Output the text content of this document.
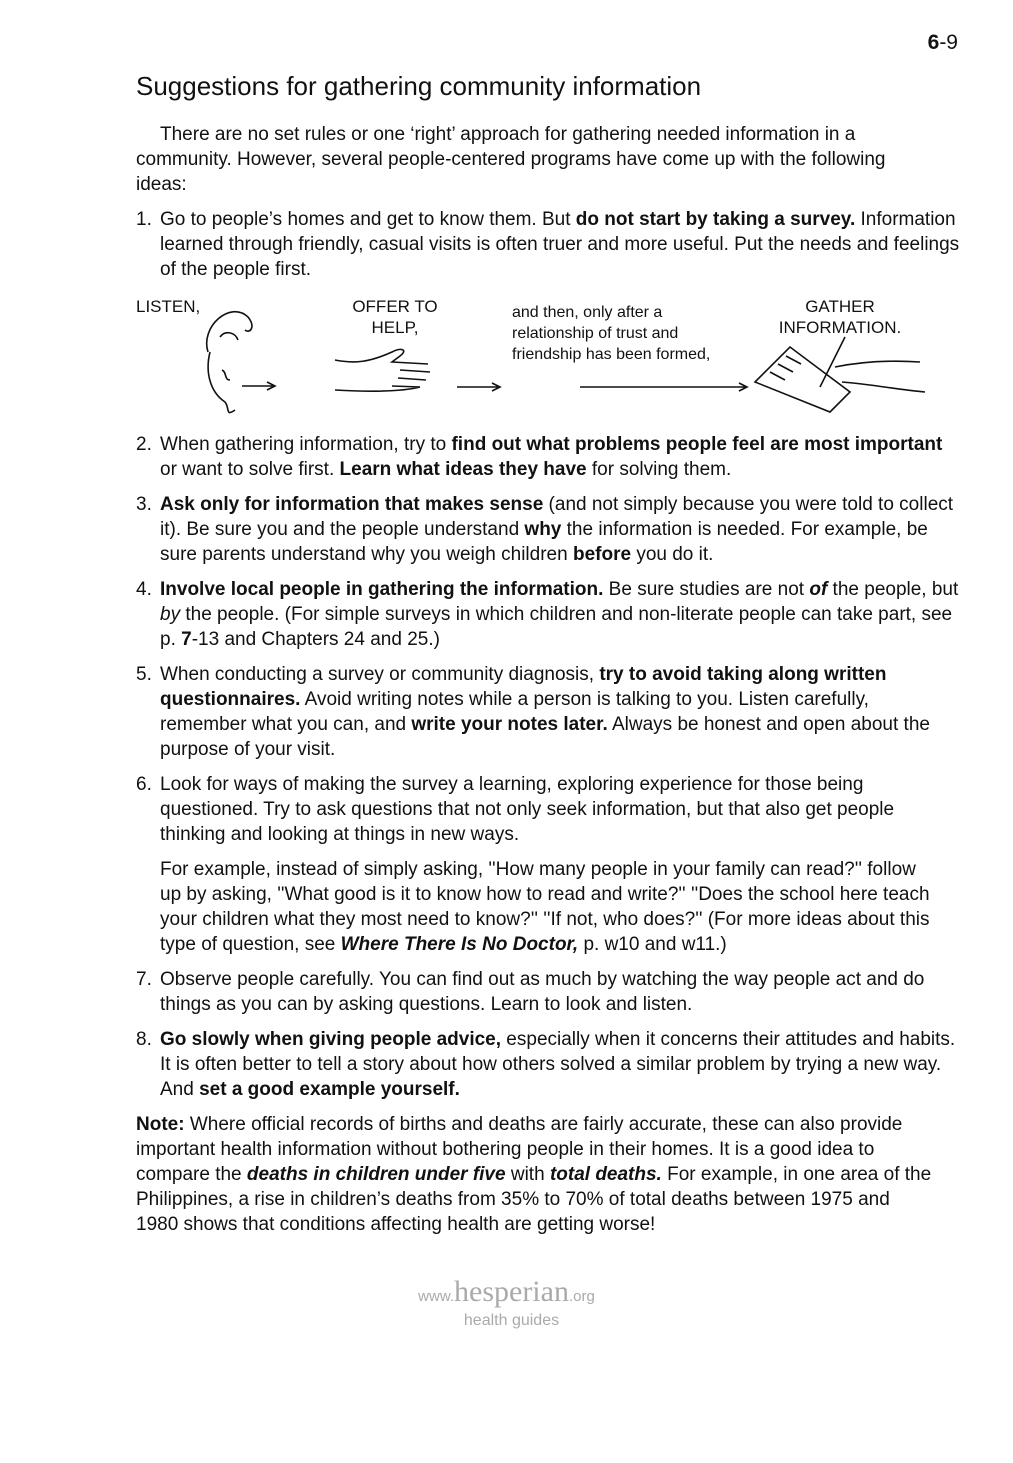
6-9
Suggestions for gathering community information
There are no set rules or one ‘right’ approach for gathering needed information in a community. However, several people-centered programs have come up with the following ideas:
1. Go to people’s homes and get to know them. But do not start by taking a survey. Information learned through friendly, casual visits is often truer and more useful. Put the needs and feelings of the people first.
LISTEN,	OFFER TO HELP,
and then, only after a relationship of trust and friendship has been formed,
GATHER INFORMATION.
2. When gathering information, try to find out what problems people feel are most important or want to solve first. Learn what ideas they have for solving them.
3. Ask only for information that makes sense (and not simply because you were told to collect it). Be sure you and the people understand why the information is needed. For example, be sure parents understand why you weigh children before you do it.
4. Involve local people in gathering the information. Be sure studies are not of the people, but by the people. (For simple surveys in which children and non-literate people can take part, see p. 7-13 and Chapters 24 and 25.)
5. When conducting a survey or community diagnosis, try to avoid taking along written questionnaires. Avoid writing notes while a person is talking to you. Listen carefully, remember what you can, and write your notes later. Always be honest and open about the purpose of your visit.
6. Look for ways of making the survey a learning, exploring experience for those being questioned. Try to ask questions that not only seek information, but that also get people thinking and looking at things in new ways.
For example, instead of simply asking, ''How many people in your family can read?'' follow up by asking, ''What good is it to know how to read and write?'' ''Does the school here teach your children what they most need to know?'' ''If not, who does?'' (For more ideas about this type of question, see Where There Is No Doctor, p. w10 and w11.)
7. Observe people carefully. You can find out as much by watching the way people act and do things as you can by asking questions. Learn to look and listen.
8. Go slowly when giving people advice, especially when it concerns their attitudes and habits. It is often better to tell a story about how others solved a similar problem by trying a new way. And set a good example yourself.
Note: Where official records of births and deaths are fairly accurate, these can also provide important health information without bothering people in their homes. It is a good idea to compare the deaths in children under five with total deaths. For example, in one area of the Philippines, a rise in children’s deaths from 35% to 70% of total deaths between 1975 and 1980 shows that conditions affecting health are getting worse!
www.hesperian.org
health guides
